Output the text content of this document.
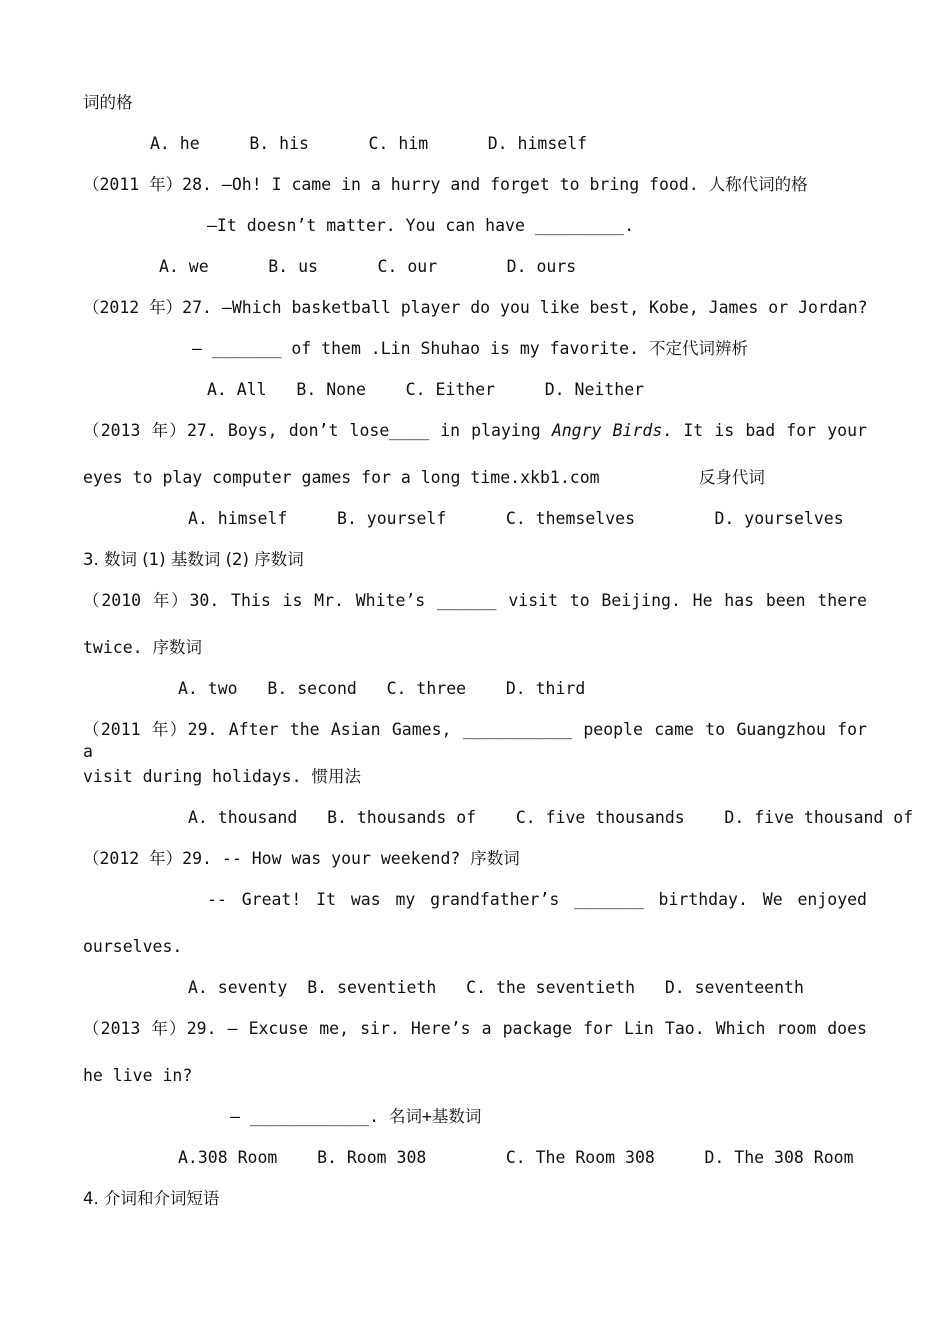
词的格
A. he     B. his      C. him      D. himself
（2011 年）28. —Oh! I came in a hurry and forget to bring food. 人称代词的格
—It doesn’t matter. You can have _________.
A. we      B. us      C. our       D. ours
（2012 年）27. –Which basketball player do you like best, Kobe, James or Jordan?
– _______ of them .Lin Shuhao is my favorite. 不定代词辨析
A. All   B. None    C. Either     D. Neither
（2013 年）27. Boys, don’t lose____ in playing Angry Birds. It is bad for your
eyes to play computer games for a long time.xkb1.com          反身代词
A. himself     B. yourself      C. themselves        D. yourselves
3. 数词 (1) 基数词 (2) 序数词
（2010 年）30. This is Mr. White’s ______ visit to Beijing. He has been there
twice. 序数词
A. two   B. second   C. three    D. third
（2011 年）29. After the Asian Games, ___________ people came to Guangzhou for a
visit during holidays. 惯用法
A. thousand   B. thousands of    C. five thousands    D. five thousand of
（2012 年）29. -- How was your weekend? 序数词
-- Great! It was my grandfather’s _______ birthday. We enjoyed
ourselves.
A. seventy  B. seventieth   C. the seventieth   D. seventeenth
（2013 年）29. — Excuse me, sir. Here’s a package for Lin Tao. Which room does
he live in?
— ____________. 名词+基数词
A.308 Room    B. Room 308        C. The Room 308     D. The 308 Room
4. 介词和介词短语
